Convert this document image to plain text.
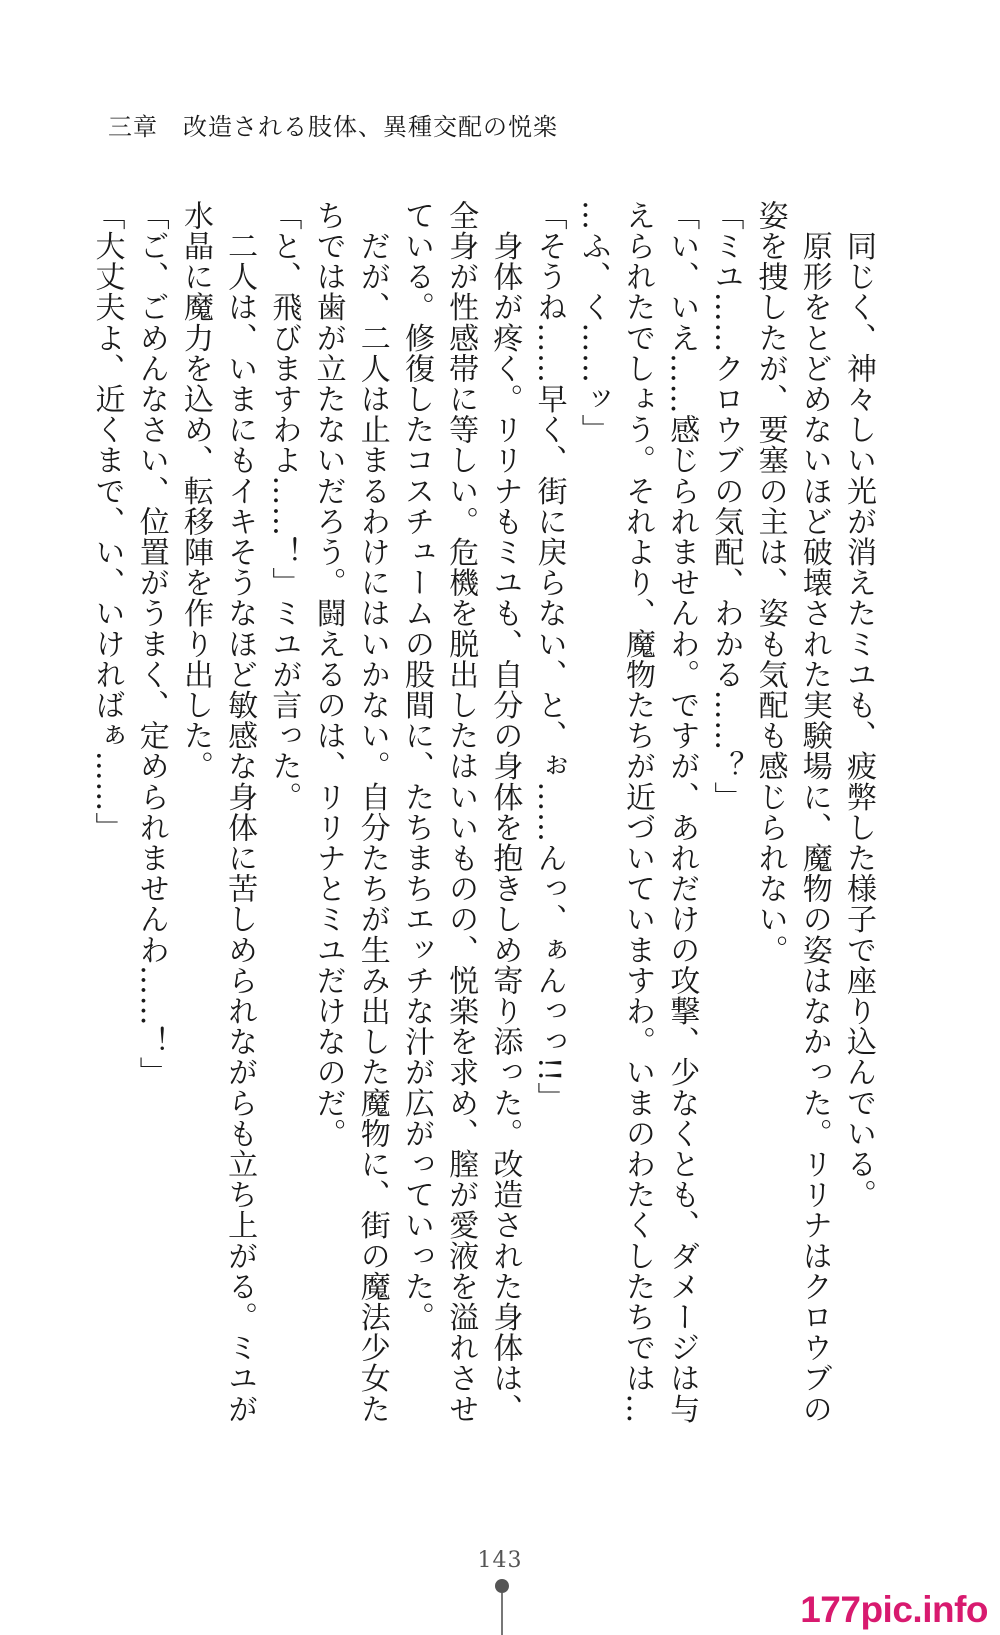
三章　改造される肢体、異種交配の悦楽

　同じく、神々しい光が消えたミユも、疲弊した様子で座り込んでいる。

　原形をとどめないほど破壊された実験場に、魔物の姿はなかった。リリナはクロウブの

姿を捜したが、要塞の主は、姿も気配も感じられない。

「ミユ……クロウブの気配、わかる……？」

「い、いえ……感じられませんわ。ですが、あれだけの攻撃、少なくとも、ダメージは与

えられたでしょう。それより、魔物たちが近づいていますわ。いまのわたくしたちでは…

…ふ、く……ッ」

「そうね……早く、街に戻らない、と、ぉ……んっ、ぁんっっ!!」

　身体が疼く。リリナもミユも、自分の身体を抱きしめ寄り添った。改造された身体は、

全身が性感帯に等しい。危機を脱出したはいいものの、悦楽を求め、膣が愛液を溢れさせ

ている。修復したコスチュームの股間に、たちまちエッチな汁が広がっていった。

　だが、二人は止まるわけにはいかない。自分たちが生み出した魔物に、街の魔法少女た

ちでは歯が立たないだろう。闘えるのは、リリナとミユだけなのだ。

「と、飛びますわよ……！」ミユが言った。

　二人は、いまにもイキそうなほど敏感な身体に苦しめられながらも立ち上がる。ミユが

水晶に魔力を込め、転移陣を作り出した。

「ご、ごめんなさい、位置がうまく、定められませんわ……！」

「大丈夫よ、近くまで、い、いければぁ……」

143
177pic.info
